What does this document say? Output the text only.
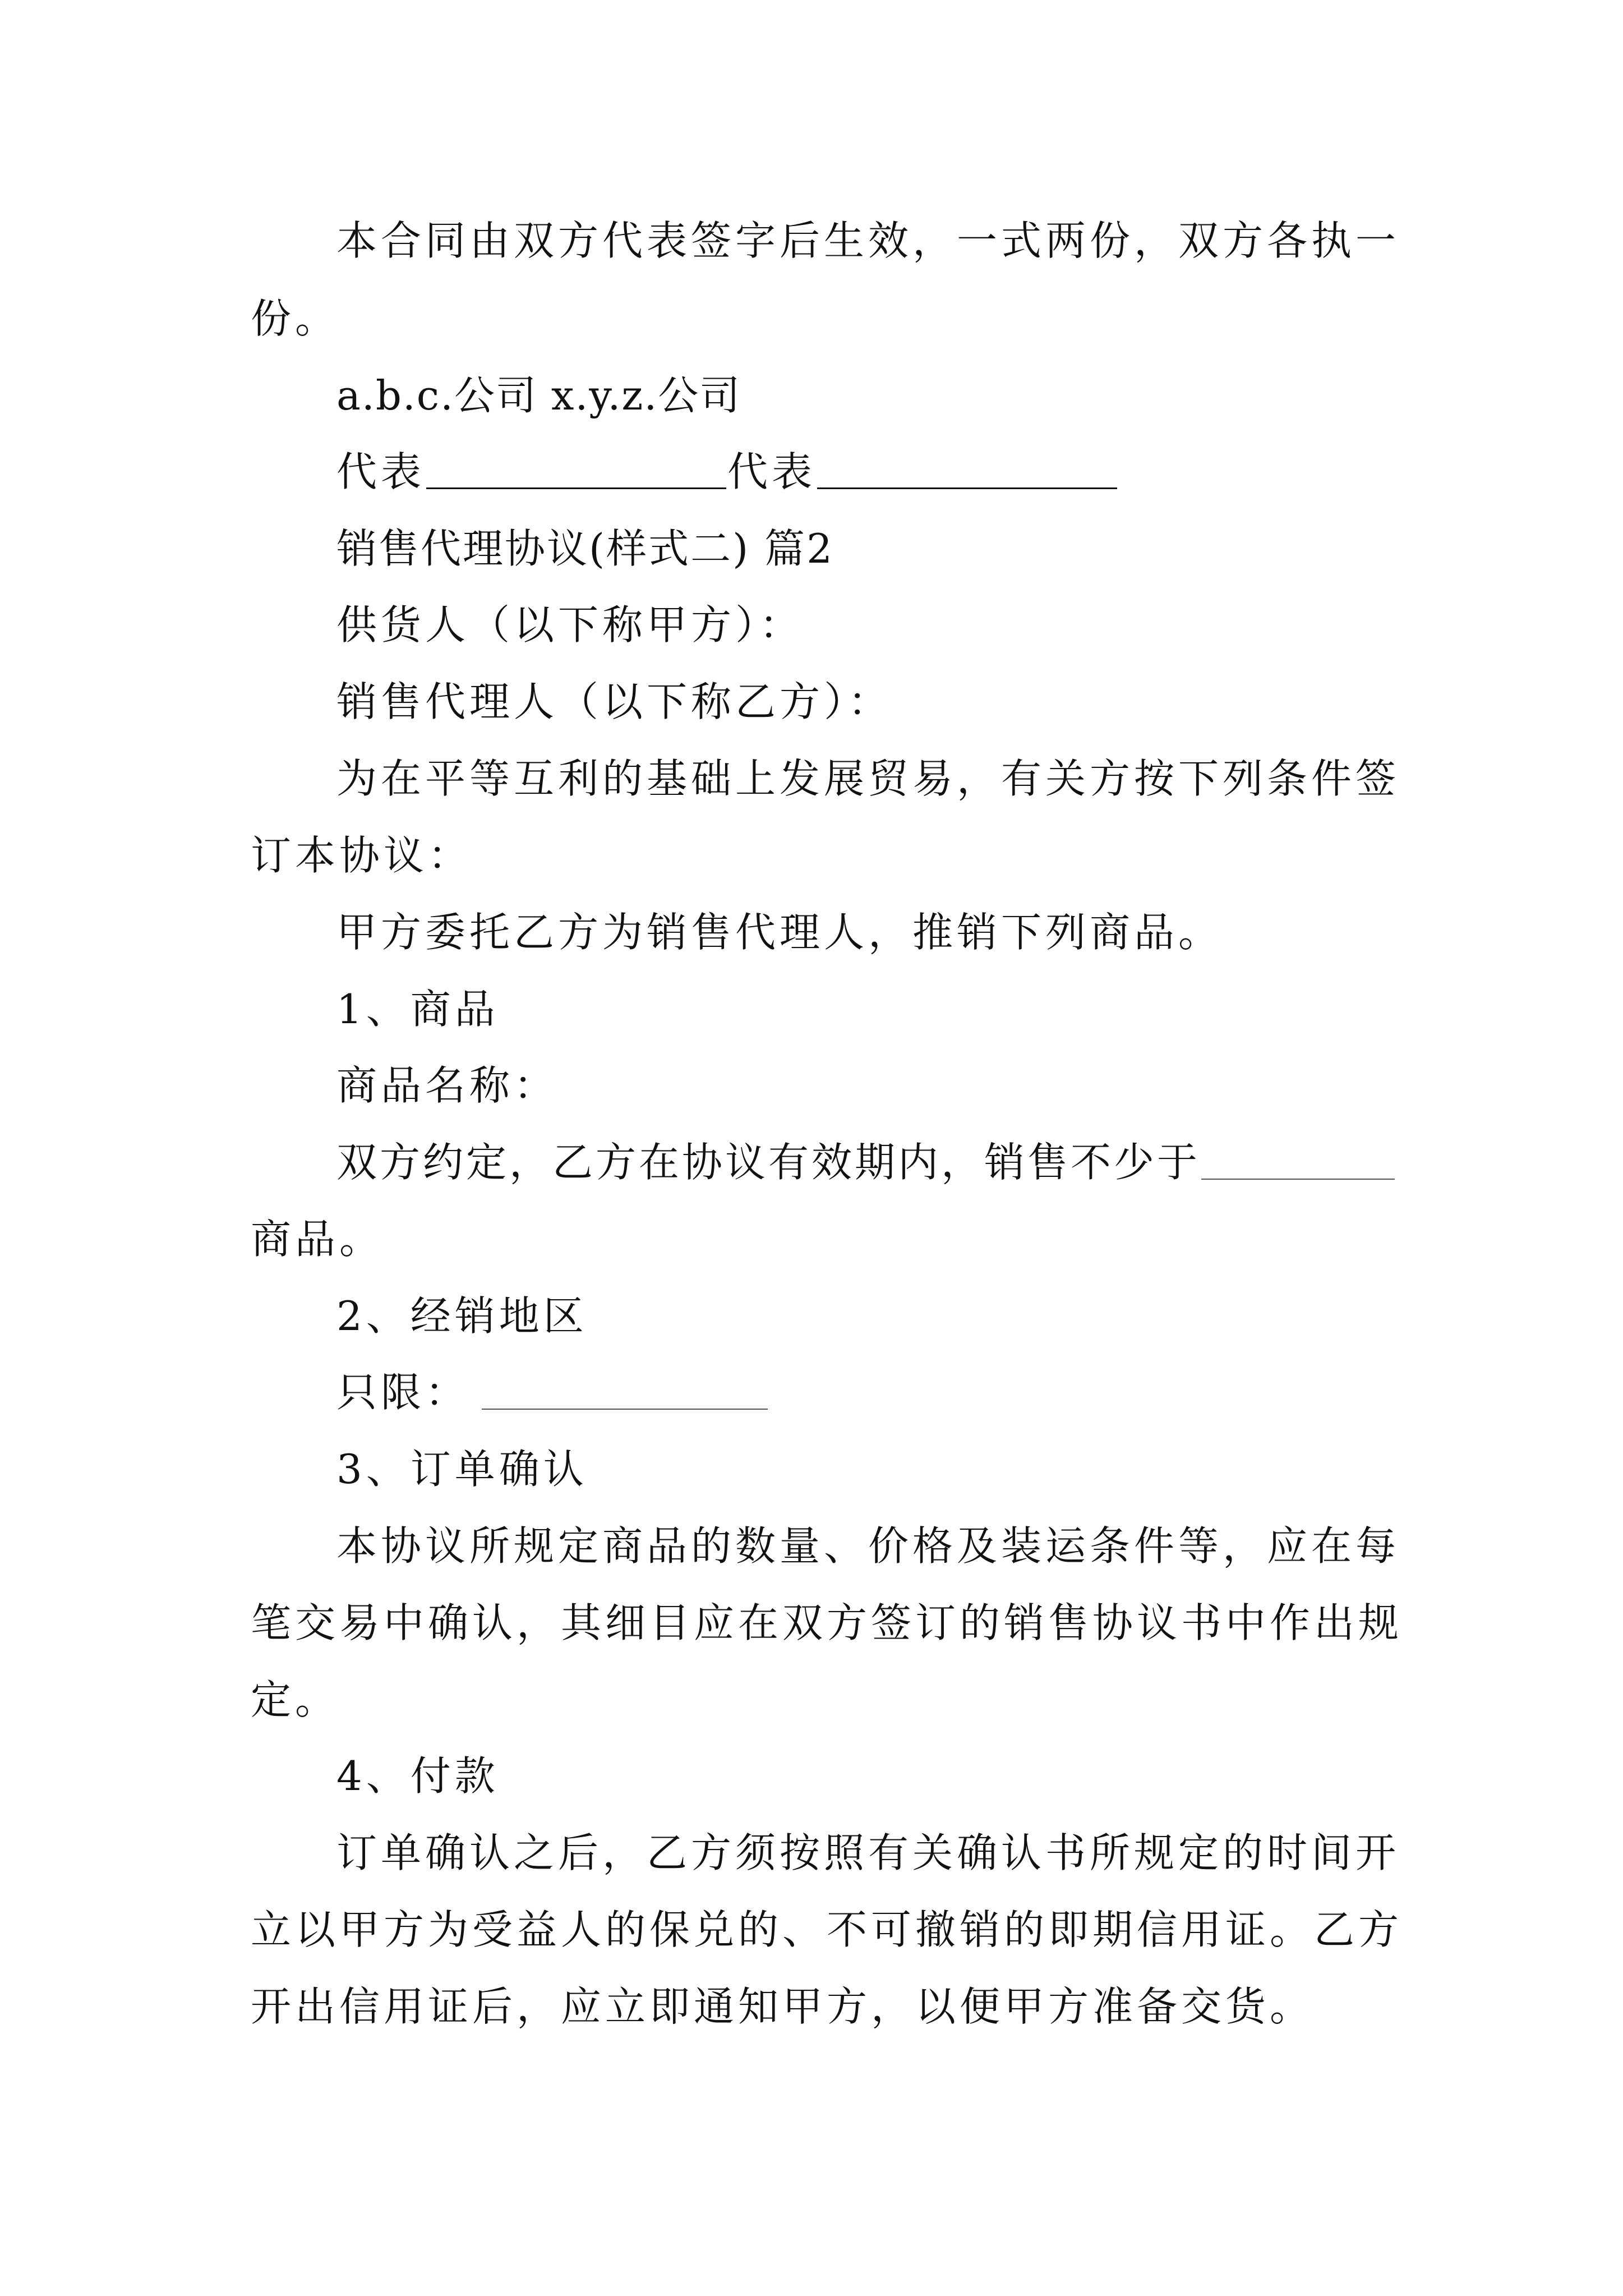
本合同由双方代表签字后生效，一式两份，双方各执一
份。
a.b.c.公司 x.y.z.公司
代表	代表
销售代理协议(样式二) 篇2
供货人（以下称甲方）：
销售代理人（以下称乙方）：
为在平等互利的基础上发展贸易，有关方按下列条件签
订本协议：
甲方委托乙方为销售代理人，推销下列商品。
1、商品
商品名称：
双方约定，乙方在协议有效期内，销售不少于
商品。
2、经销地区
只限：
3、订单确认
本协议所规定商品的数量、价格及装运条件等，应在每
笔交易中确认，其细目应在双方签订的销售协议书中作出规
定。
4、付款
订单确认之后，乙方须按照有关确认书所规定的时间开
立以甲方为受益人的保兑的、不可撤销的即期信用证。乙方
开出信用证后，应立即通知甲方，以便甲方准备交货。
